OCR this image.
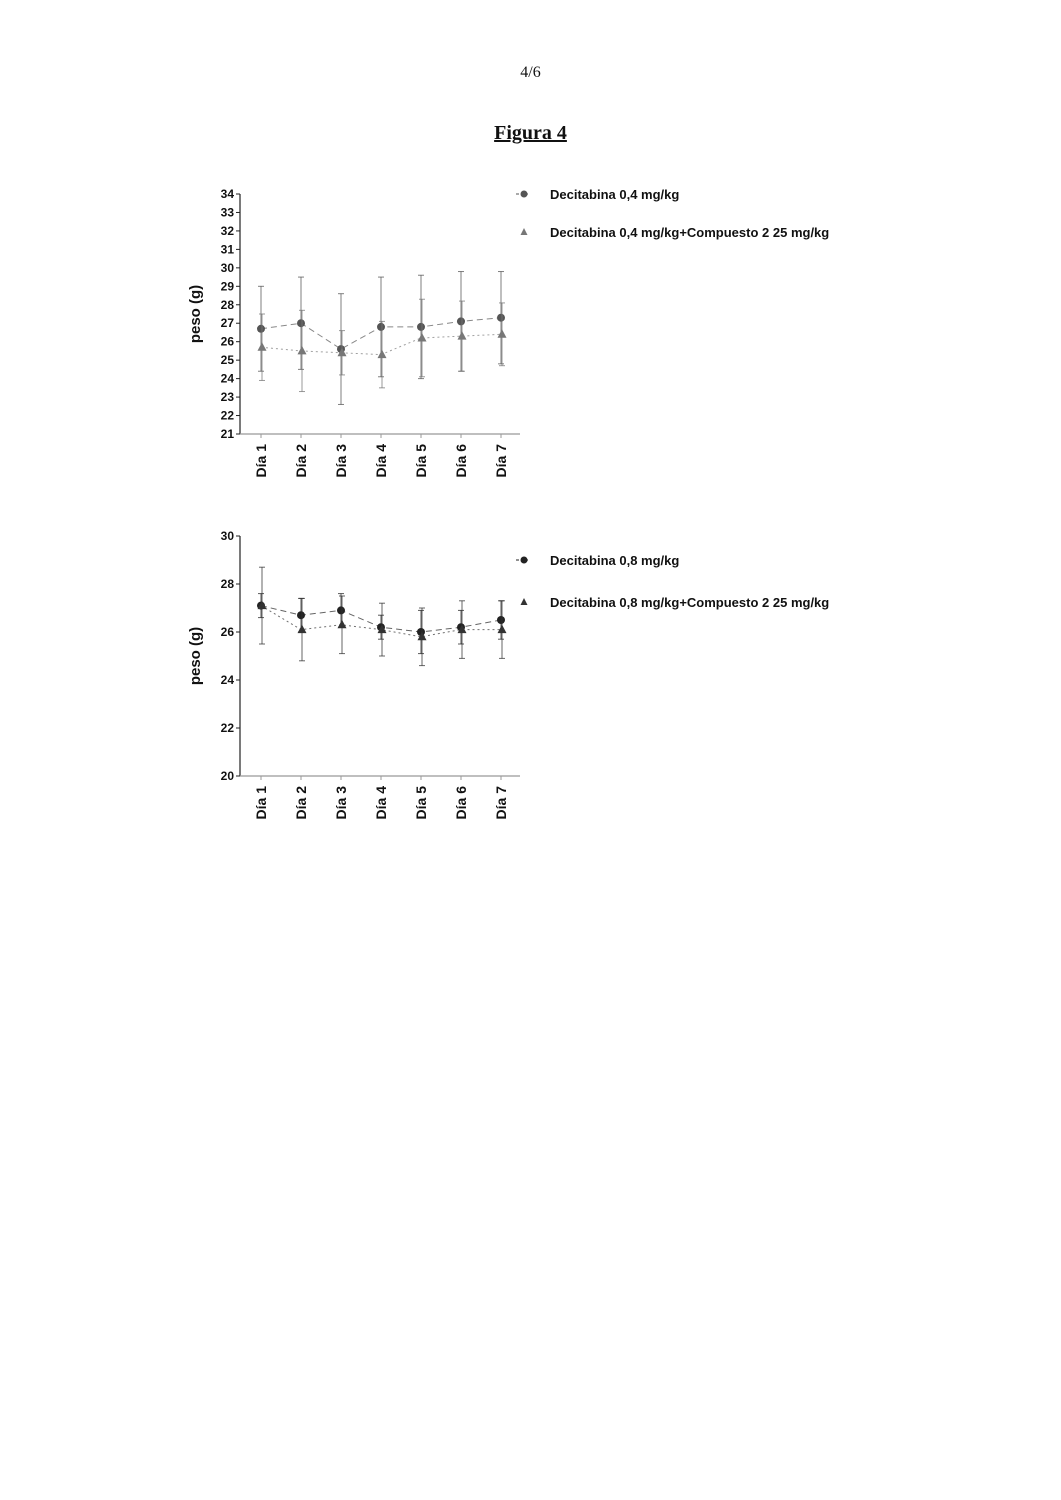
4/6
Figura 4
21
22
23
24
25
26
27
28
29
30
31
32
33
34
peso (g)
Día 1 Día 2 Día 3 Día 4 Día 5 Día 6 Día 7
Decitabina 0,4 mg/kg
Decitabina 0,4 mg/kg+Compuesto 2 25 mg/kg
20
22
24
26
28
30
peso (g)
Día 1 Día 2 Día 3 Día 4 Día 5 Día 6 Día 7
Decitabina 0,8 mg/kg
Decitabina 0,8 mg/kg+Compuesto 2 25 mg/kg
